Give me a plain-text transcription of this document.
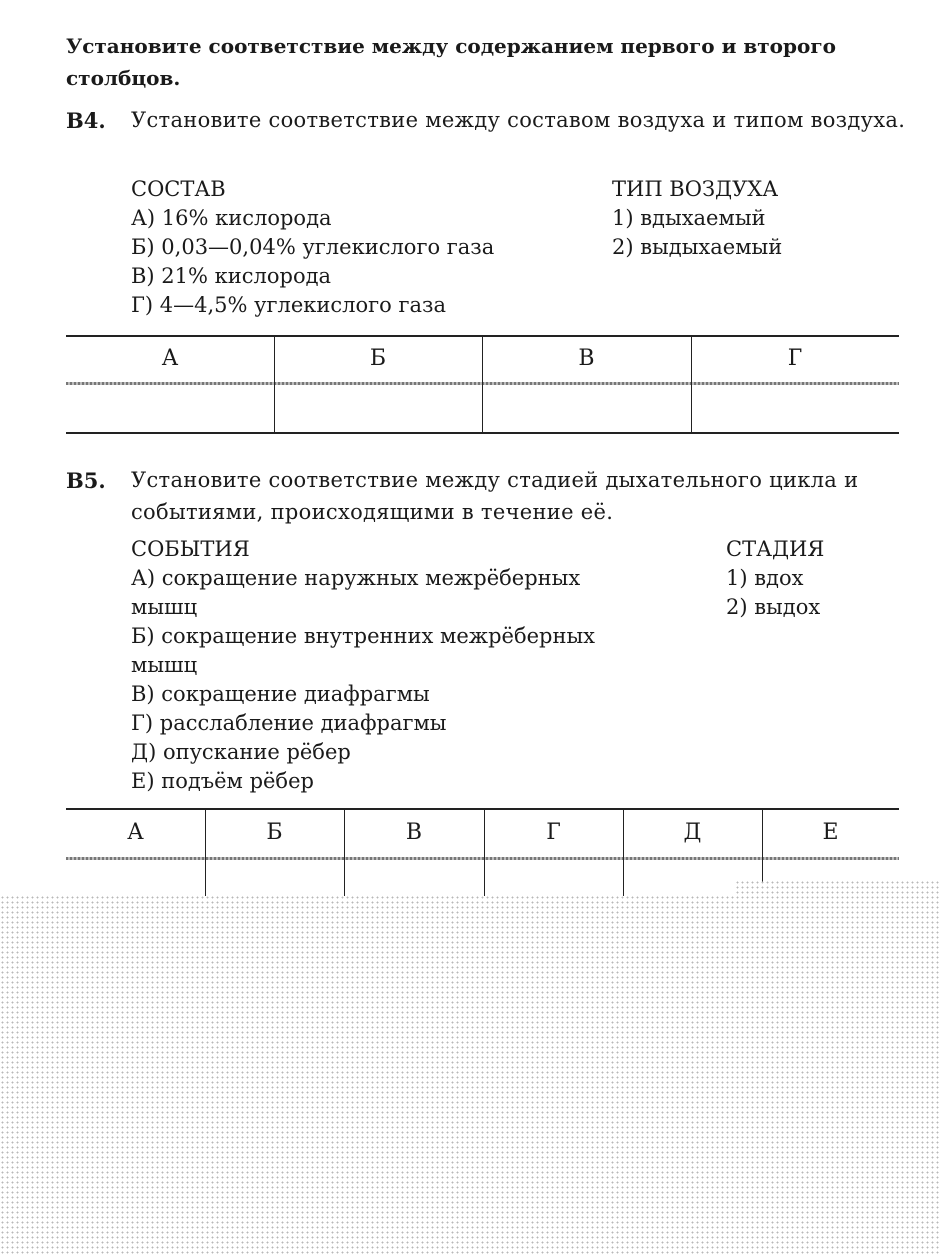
Установите соответствие между содержанием первого и второго столбцов.
B4. Установите соответствие между составом воздуха и типом воздуха.
СОСТАВ
А) 16% кислорода
Б) 0,03—0,04% углекислого газа
В) 21% кислорода
Г) 4—4,5% углекислого газа
ТИП ВОЗДУХА
1) вдыхаемый
2) выдыхаемый
А	Б	В	Г
B5. Установите соответствие между стадией дыхательного цикла и событиями, происходящими в течение её.
СОБЫТИЯ
А) сокращение наружных межрёберных
мышц
Б) сокращение внутренних межрёберных
мышц
В) сокращение диафрагмы
Г) расслабление диафрагмы
Д) опускание рёбер
Е) подъём рёбер
СТАДИЯ
1) вдох
2) выдох
А	Б	В	Г	Д	Е
